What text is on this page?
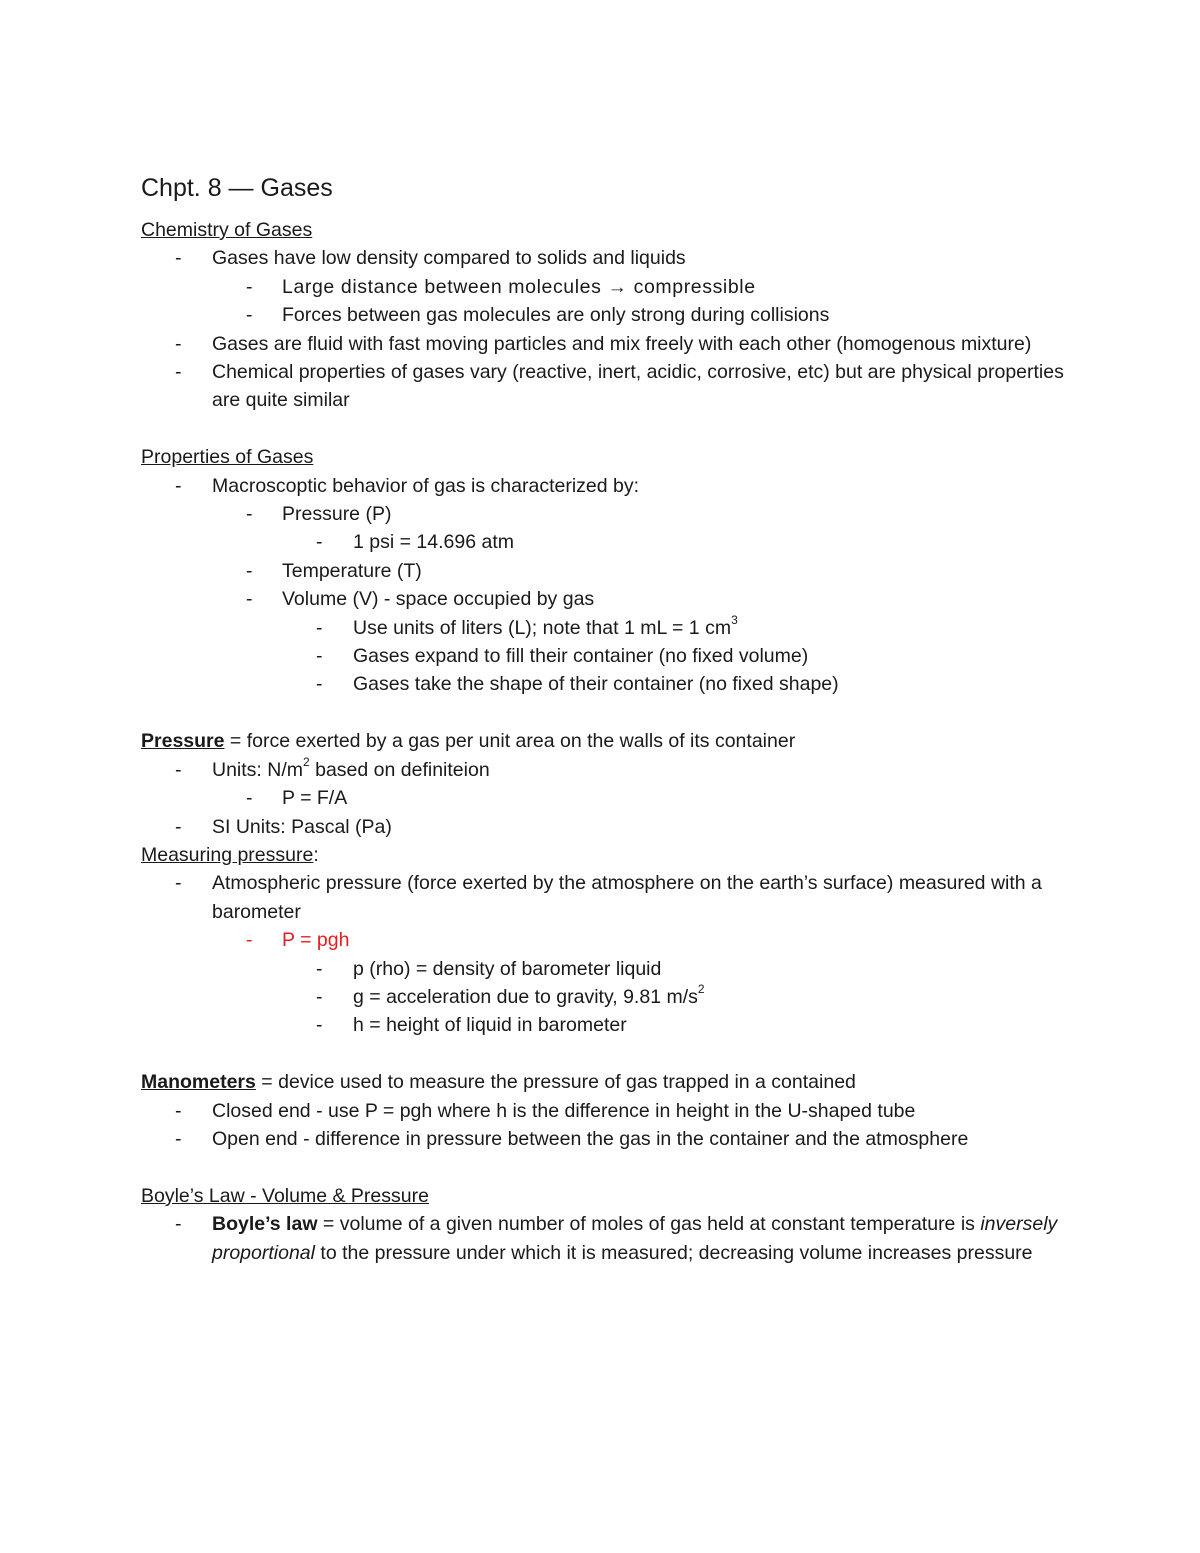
Chpt. 8 — Gases
Chemistry of Gases
- Gases have low density compared to solids and liquids
- Large distance between molecules → compressible
- Forces between gas molecules are only strong during collisions
- Gases are fluid with fast moving particles and mix freely with each other (homogenous mixture)
- Chemical properties of gases vary (reactive, inert, acidic, corrosive, etc) but are physical properties are quite similar
Properties of Gases
- Macroscoptic behavior of gas is characterized by:
- Pressure (P)
- 1 psi = 14.696 atm
- Temperature (T)
- Volume (V) - space occupied by gas
- Use units of liters (L); note that 1 mL = 1 $cm^3$
- Gases expand to fill their container (no fixed volume)
- Gases take the shape of their container (no fixed shape)
Pressure = force exerted by a gas per unit area on the walls of its container
- Units: $N/m^2$ based on definiteion
- P = F/A
- SI Units: Pascal (Pa)
Measuring pressure:
- Atmospheric pressure (force exerted by the atmosphere on the earth’s surface) measured with a barometer
- P = pgh
- p (rho) = density of barometer liquid
- g = acceleration due to gravity, 9.81 $m/s^2$
- h = height of liquid in barometer
Manometers = device used to measure the pressure of gas trapped in a contained
- Closed end - use P = pgh where h is the difference in height in the U-shaped tube
- Open end - difference in pressure between the gas in the container and the atmosphere
Boyle’s Law - Volume & Pressure
- Boyle’s law = volume of a given number of moles of gas held at constant temperature is inversely proportional to the pressure under which it is measured; decreasing volume increases pressure
